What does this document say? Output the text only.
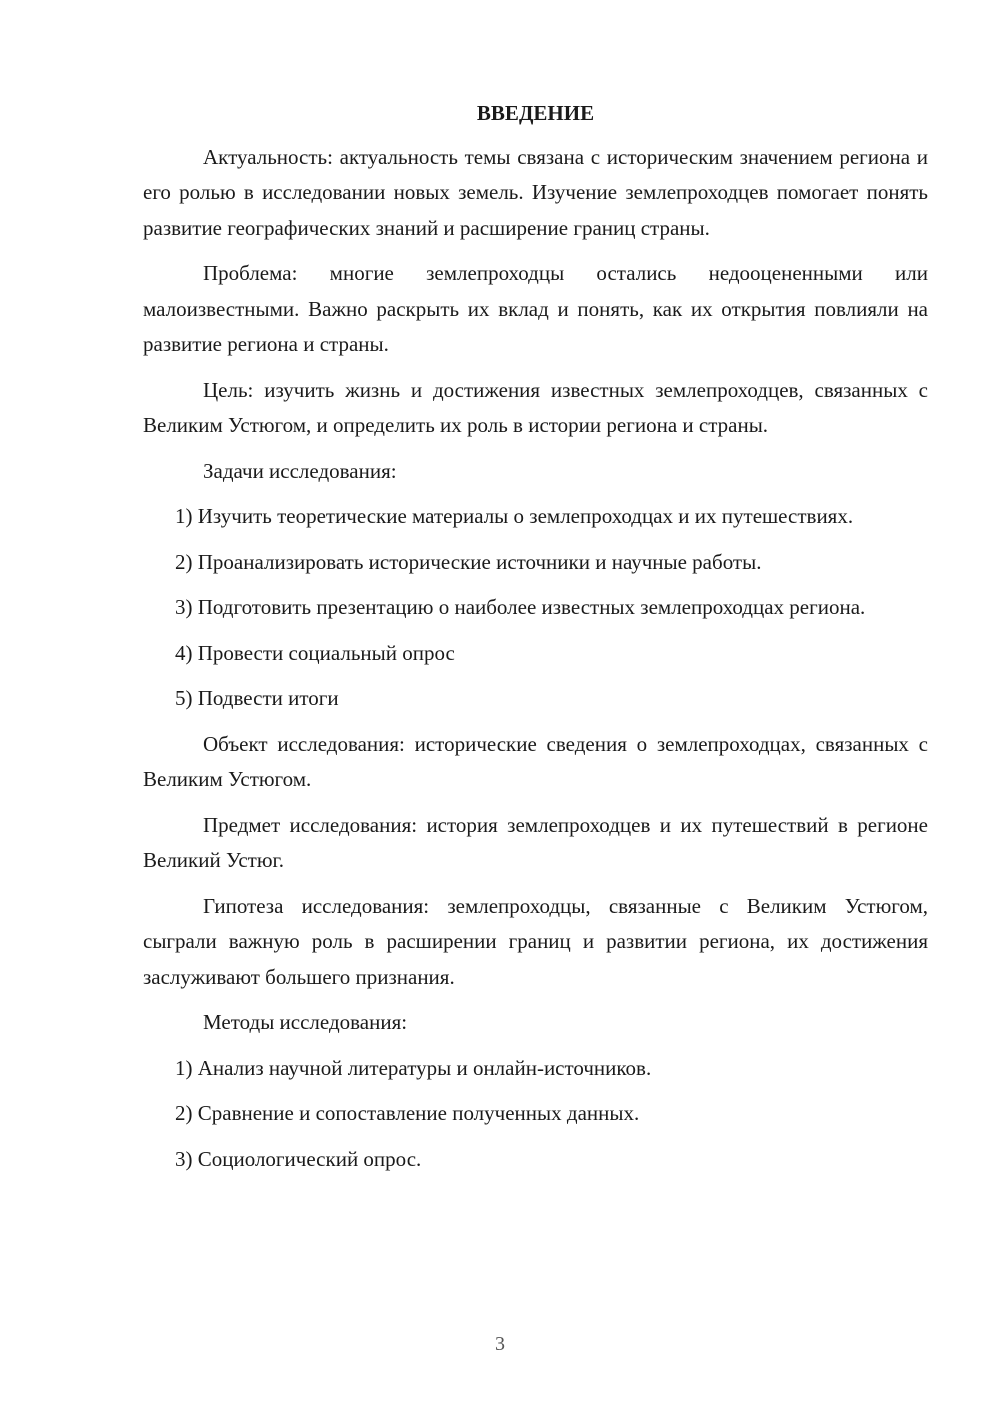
ВВЕДЕНИЕ

Актуальность: актуальность темы связана с историческим значением региона и его ролью в исследовании новых земель. Изучение землепроходцев помогает понять развитие географических знаний и расширение границ страны.

Проблема: многие землепроходцы остались недооцененными или малоизвестными. Важно раскрыть их вклад и понять, как их открытия повлияли на развитие региона и страны.

Цель: изучить жизнь и достижения известных землепроходцев, связанных с Великим Устюгом, и определить их роль в истории региона и страны.

Задачи исследования:

1) Изучить теоретические материалы о землепроходцах и их путешествиях.

2) Проанализировать исторические источники и научные работы.

3) Подготовить презентацию о наиболее известных землепроходцах региона.

4) Провести социальный опрос

5) Подвести итоги

Объект исследования: исторические сведения о землепроходцах, связанных с Великим Устюгом.

Предмет исследования: история землепроходцев и их путешествий в регионе Великий Устюг.

Гипотеза исследования: землепроходцы, связанные с Великим Устюгом, сыграли важную роль в расширении границ и развитии региона, их достижения заслуживают большего признания.

Методы исследования:

1) Анализ научной литературы и онлайн-источников.

2) Сравнение и сопоставление полученных данных.

3) Социологический опрос.

3
